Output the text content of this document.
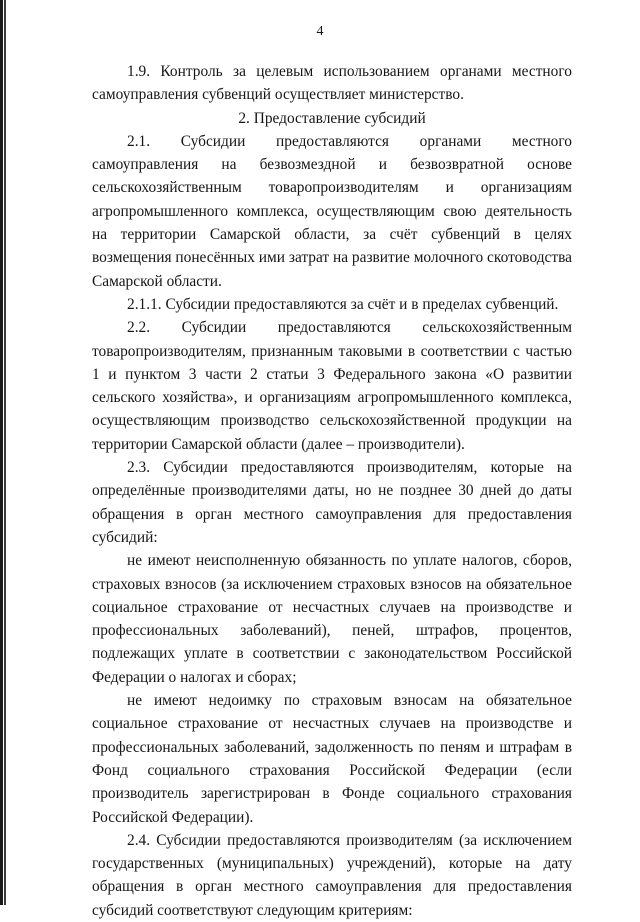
4

1.9. Контроль за целевым использованием органами местного самоуправления субвенций осуществляет министерство.

2. Предоставление субсидий

2.1. Субсидии предоставляются органами местного самоуправления на безвозмездной и безвозвратной основе сельскохозяйственным товаропроизводителям и организациям агропромышленного комплекса, осуществляющим свою деятельность на территории Самарской области, за счёт субвенций в целях возмещения понесённых ими затрат на развитие молочного скотоводства Самарской области.

2.1.1. Субсидии предоставляются за счёт и в пределах субвенций.

2.2. Субсидии предоставляются сельскохозяйственным товаропроизводителям, признанным таковыми в соответствии с частью 1 и пунктом 3 части 2 статьи 3 Федерального закона «О развитии сельского хозяйства», и организациям агропромышленного комплекса, осуществляющим производство сельскохозяйственной продукции на территории Самарской области (далее – производители).

2.3. Субсидии предоставляются производителям, которые на определённые производителями даты, но не позднее 30 дней до даты обращения в орган местного самоуправления для предоставления субсидий:

не имеют неисполненную обязанность по уплате налогов, сборов, страховых взносов (за исключением страховых взносов на обязательное социальное страхование от несчастных случаев на производстве и профессиональных заболеваний), пеней, штрафов, процентов, подлежащих уплате в соответствии с законодательством Российской Федерации о налогах и сборах;

не имеют недоимку по страховым взносам на обязательное социальное страхование от несчастных случаев на производстве и профессиональных заболеваний, задолженность по пеням и штрафам в Фонд социального страхования Российской Федерации (если производитель зарегистрирован в Фонде социального страхования Российской Федерации).

2.4. Субсидии предоставляются производителям (за исключением государственных (муниципальных) учреждений), которые на дату обращения в орган местного самоуправления для предоставления субсидий соответствуют следующим критериям:
